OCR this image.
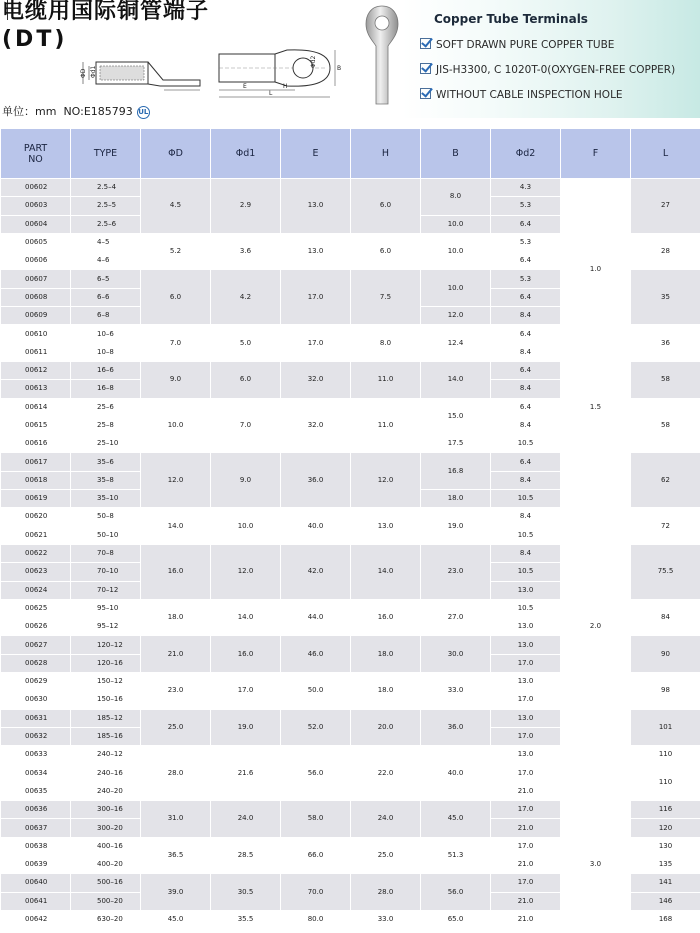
电缆用国际铜管端子
(DT)
ΦD Φd1
Φd2
B
E	H
L
Copper Tube Terminals
SOFT DRAWN PURE COPPER TUBE
JIS-H3300, C 1020T-0(OXYGEN-FREE COPPER)
WITHOUT CABLE INSPECTION HOLE
单位：mm NO:E185793 UL
PART
NO	TYPE	ΦD	Φd1	E	H	B	Φd2	F	L
00602	2.5–4	4.5	2.9	13.0	6.0	8.0	4.3	1.0	27
00603	2.5–5						5.3		
00604	2.5–6					10.0	6.4		
00605	4–5	5.2	3.6	13.0	6.0	10.0	5.3		28
00606	4–6						6.4		
00607	6–5	6.0	4.2	17.0	7.5	10.0	5.3		35
00608	6–6						6.4		
00609	6–8					12.0	8.4		
00610	10–6	7.0	5.0	17.0	8.0	12.4	6.4		36
00611	10–8						8.4		
00612	16–6	9.0	6.0	32.0	11.0	14.0	6.4	1.5	58
00613	16–8						8.4		
00614	25–6	10.0	7.0	32.0	11.0	15.0	6.4		58
00615	25–8						8.4		
00616	25–10					17.5	10.5		
00617	35–6	12.0	9.0	36.0	12.0	16.8	6.4	2.0	62
00618	35–8						8.4		
00619	35–10					18.0	10.5		
00620	50–8	14.0	10.0	40.0	13.0	19.0	8.4		72
00621	50–10						10.5		
00622	70–8	16.0	12.0	42.0	14.0	23.0	8.4		75.5
00623	70–10						10.5		
00624	70–12						13.0		
00625	95–10	18.0	14.0	44.0	16.0	27.0	10.5		84
00626	95–12						13.0		
00627	120–12	21.0	16.0	46.0	18.0	30.0	13.0		90
00628	120–16						17.0		
00629	150–12	23.0	17.0	50.0	18.0	33.0	13.0		98
00630	150–16						17.0		
00631	185–12	25.0	19.0	52.0	20.0	36.0	13.0		101
00632	185–16						17.0		
00633	240–12	28.0	21.6	56.0	22.0	40.0	13.0		110
00634	240–16						17.0		110
00635	240–20						21.0		
00636	300–16	31.0	24.0	58.0	24.0	45.0	17.0	3.0	116
00637	300–20						21.0		120
00638	400–16	36.5	28.5	66.0	25.0	51.3	17.0		130
00639	400–20						21.0		135
00640	500–16	39.0	30.5	70.0	28.0	56.0	17.0		141
00641	500–20						21.0		146
00642	630–20	45.0	35.5	80.0	33.0	65.0	21.0		168
